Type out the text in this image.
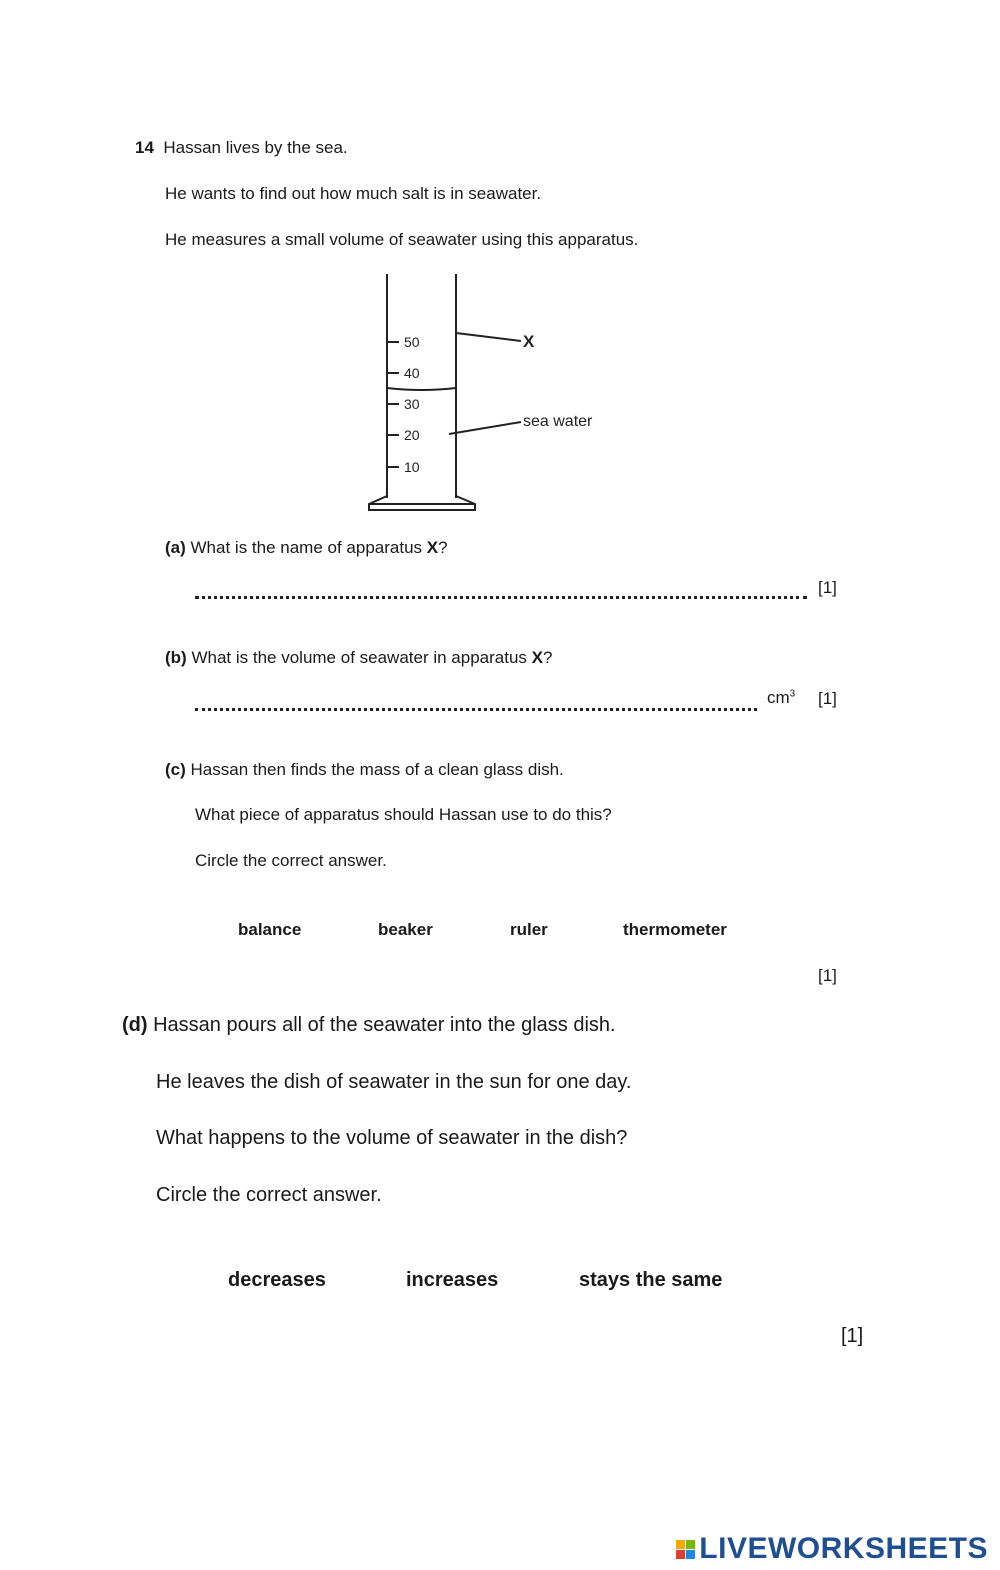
14 Hassan lives by the sea.
He wants to find out how much salt is in seawater.
He measures a small volume of seawater using this apparatus.
50
40
30
20
10
X
sea water
(a) What is the name of apparatus X?
[1]
(b) What is the volume of seawater in apparatus X?
$cm^3$ [1]
(c) Hassan then finds the mass of a clean glass dish.
What piece of apparatus should Hassan use to do this?
Circle the correct answer.
balance	beaker	ruler	thermometer
[1]
(d) Hassan pours all of the seawater into the glass dish.
He leaves the dish of seawater in the sun for one day.
What happens to the volume of seawater in the dish?
Circle the correct answer.
decreases	increases	stays the same
[1]
LIVEWORKSHEETS
